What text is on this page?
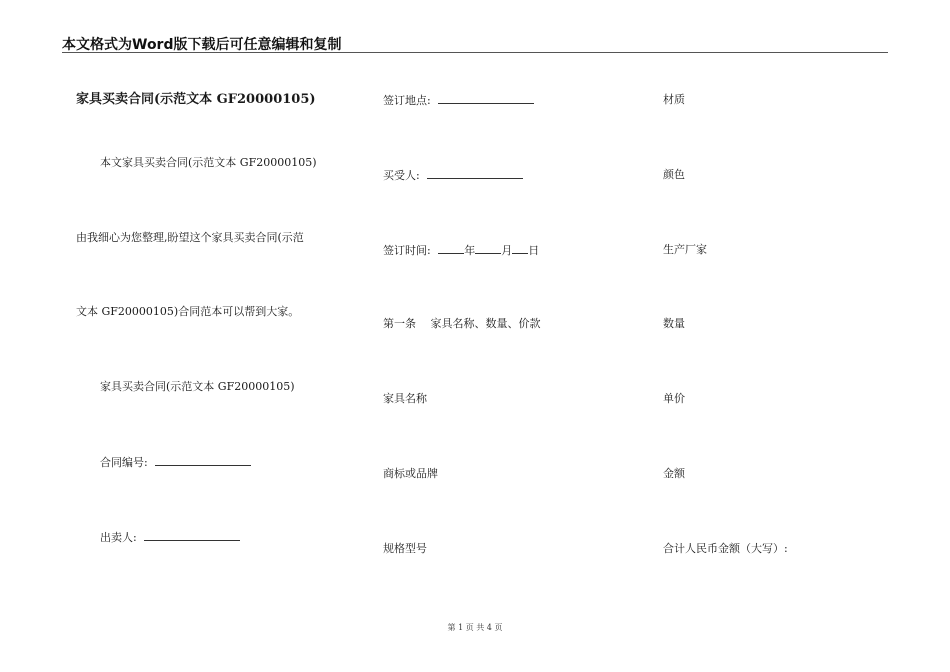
本文格式为Word版下载后可任意编辑和复制
家具买卖合同(示范文本 GF20000105)
本文家具买卖合同(示范文本 GF20000105)
由我细心为您整理,盼望这个家具买卖合同(示范
文本 GF20000105)合同范本可以帮到大家。
家具买卖合同(示范文本 GF20000105)
合同编号:
出卖人:
签订地点:
买受人:
签订时间:	年 月 日
第一条　 家具名称、数量、价款
家具名称
商标或品牌
规格型号
材质
颜色
生产厂家
数量
单价
金额
合计人民币金额（大写）:
第 1 页 共 4 页
